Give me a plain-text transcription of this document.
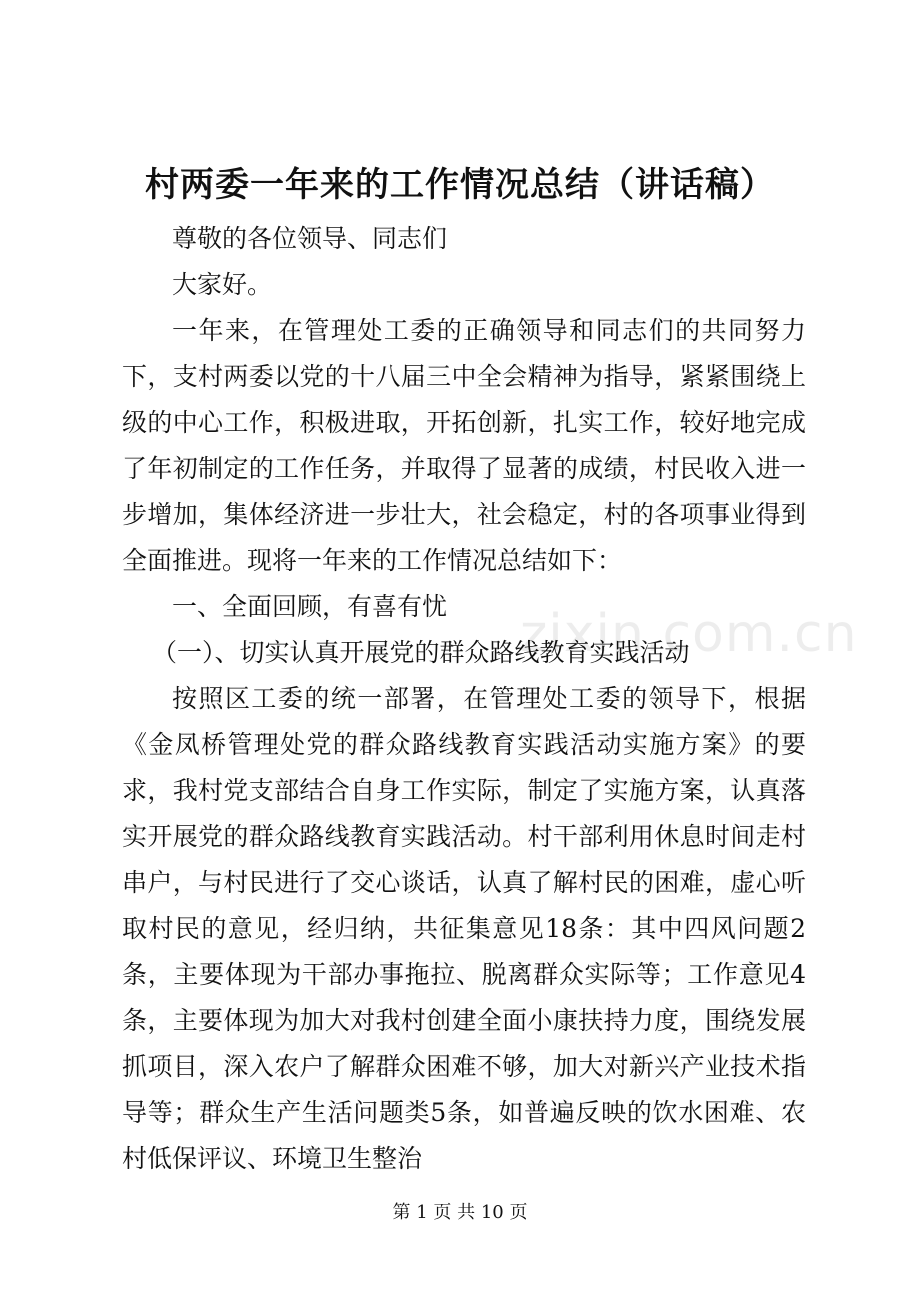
村两委一年来的工作情况总结（讲话稿）

尊敬的各位领导、同志们

大家好。

一年来，在管理处工委的正确领导和同志们的共同努力下，支村两委以党的十八届三中全会精神为指导，紧紧围绕上级的中心工作，积极进取，开拓创新，扎实工作，较好地完成了年初制定的工作任务，并取得了显著的成绩，村民收入进一步增加，集体经济进一步壮大，社会稳定，村的各项事业得到全面推进。现将一年来的工作情况总结如下：

一、全面回顾，有喜有忧

（一）、切实认真开展党的群众路线教育实践活动

按照区工委的统一部署，在管理处工委的领导下，根据《金凤桥管理处党的群众路线教育实践活动实施方案》的要求，我村党支部结合自身工作实际，制定了实施方案，认真落实开展党的群众路线教育实践活动。村干部利用休息时间走村串户，与村民进行了交心谈话，认真了解村民的困难，虚心听取村民的意见，经归纳，共征集意见18条：其中四风问题2条，主要体现为干部办事拖拉、脱离群众实际等；工作意见4条，主要体现为加大对我村创建全面小康扶持力度，围绕发展抓项目，深入农户了解群众困难不够，加大对新兴产业技术指导等；群众生产生活问题类5条，如普遍反映的饮水困难、农村低保评议、环境卫生整治

zixin.com.cn
第 1 页 共 10 页
